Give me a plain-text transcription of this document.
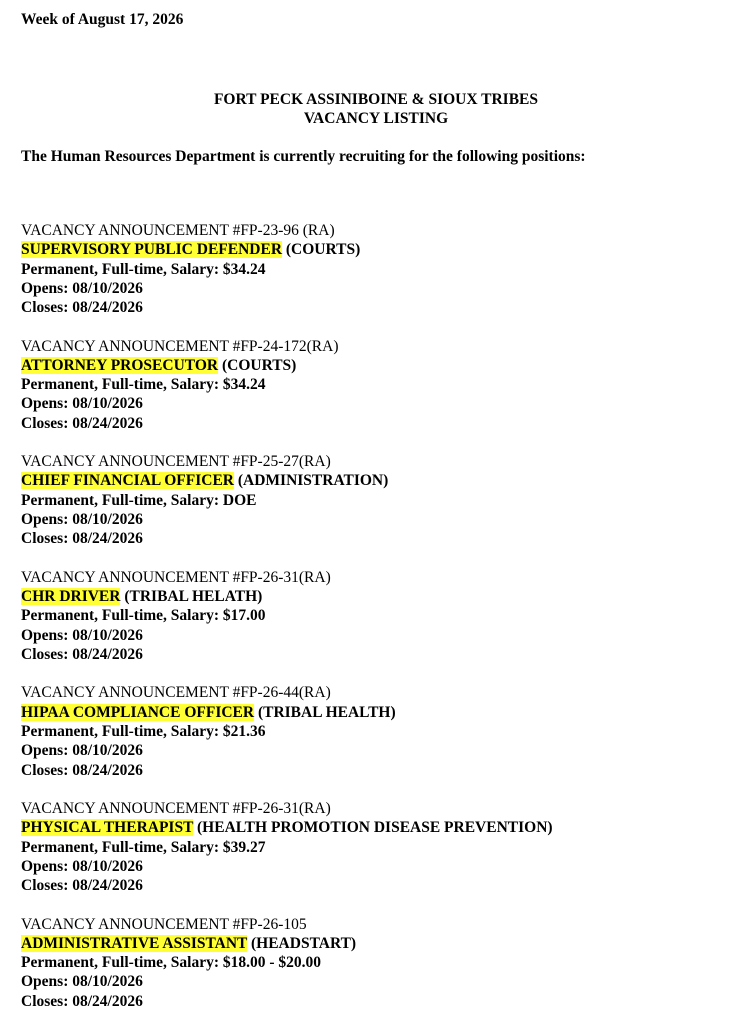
Week of August 17, 2026
FORT PECK ASSINIBOINE & SIOUX TRIBES
VACANCY LISTING
The Human Resources Department is currently recruiting for the following positions:
VACANCY ANNOUNCEMENT #FP-23-96 (RA)
SUPERVISORY PUBLIC DEFENDER (COURTS)
Permanent, Full-time, Salary: $34.24
Opens: 08/10/2026
Closes: 08/24/2026
VACANCY ANNOUNCEMENT #FP-24-172(RA)
ATTORNEY PROSECUTOR (COURTS)
Permanent, Full-time, Salary: $34.24
Opens: 08/10/2026
Closes: 08/24/2026
VACANCY ANNOUNCEMENT #FP-25-27(RA)
CHIEF FINANCIAL OFFICER (ADMINISTRATION)
Permanent, Full-time, Salary: DOE
Opens: 08/10/2026
Closes: 08/24/2026
VACANCY ANNOUNCEMENT #FP-26-31(RA)
CHR DRIVER (TRIBAL HELATH)
Permanent, Full-time, Salary: $17.00
Opens: 08/10/2026
Closes: 08/24/2026
VACANCY ANNOUNCEMENT #FP-26-44(RA)
HIPAA COMPLIANCE OFFICER (TRIBAL HEALTH)
Permanent, Full-time, Salary: $21.36
Opens: 08/10/2026
Closes: 08/24/2026
VACANCY ANNOUNCEMENT #FP-26-31(RA)
PHYSICAL THERAPIST (HEALTH PROMOTION DISEASE PREVENTION)
Permanent, Full-time, Salary: $39.27
Opens: 08/10/2026
Closes: 08/24/2026
VACANCY ANNOUNCEMENT #FP-26-105
ADMINISTRATIVE ASSISTANT (HEADSTART)
Permanent, Full-time, Salary: $18.00 - $20.00
Opens: 08/10/2026
Closes: 08/24/2026
